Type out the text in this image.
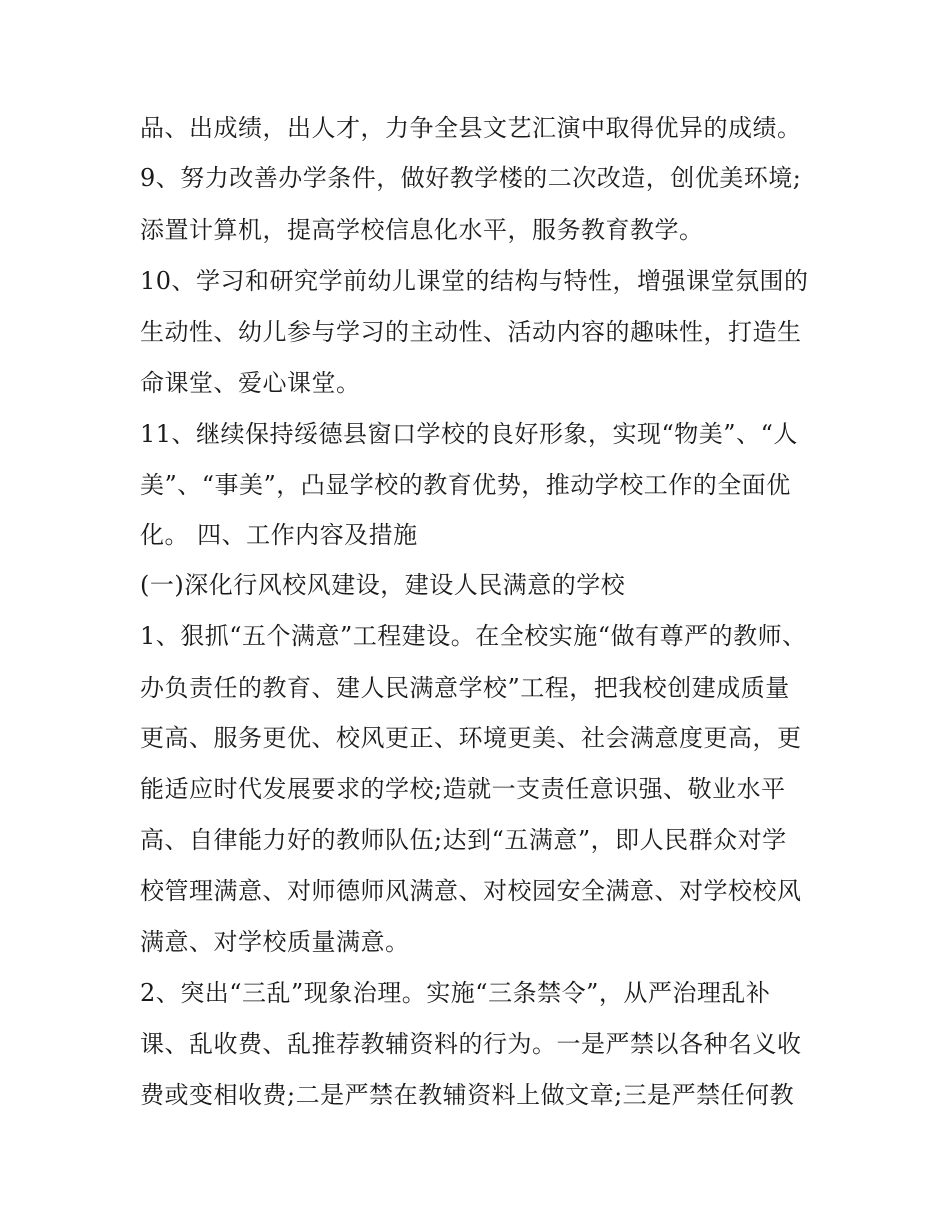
品、出成绩，出人才，力争全县文艺汇演中取得优异的成绩。
9、努力改善办学条件，做好教学楼的二次改造，创优美环境;
添置计算机，提高学校信息化水平，服务教育教学。
10、学习和研究学前幼儿课堂的结构与特性，增强课堂氛围的
生动性、幼儿参与学习的主动性、活动内容的趣味性，打造生
命课堂、爱心课堂。
11、继续保持绥德县窗口学校的良好形象，实现“物美”、“人
美”、“事美”，凸显学校的教育优势，推动学校工作的全面优
化。 四、工作内容及措施
(一)深化行风校风建设，建设人民满意的学校
1、狠抓“五个满意”工程建设。在全校实施“做有尊严的教师、
办负责任的教育、建人民满意学校”工程，把我校创建成质量
更高、服务更优、校风更正、环境更美、社会满意度更高，更
能适应时代发展要求的学校;造就一支责任意识强、敬业水平
高、自律能力好的教师队伍;达到“五满意”，即人民群众对学
校管理满意、对师德师风满意、对校园安全满意、对学校校风
满意、对学校质量满意。
2、突出“三乱”现象治理。实施“三条禁令”，从严治理乱补
课、乱收费、乱推荐教辅资料的行为。一是严禁以各种名义收
费或变相收费;二是严禁在教辅资料上做文章;三是严禁任何教
